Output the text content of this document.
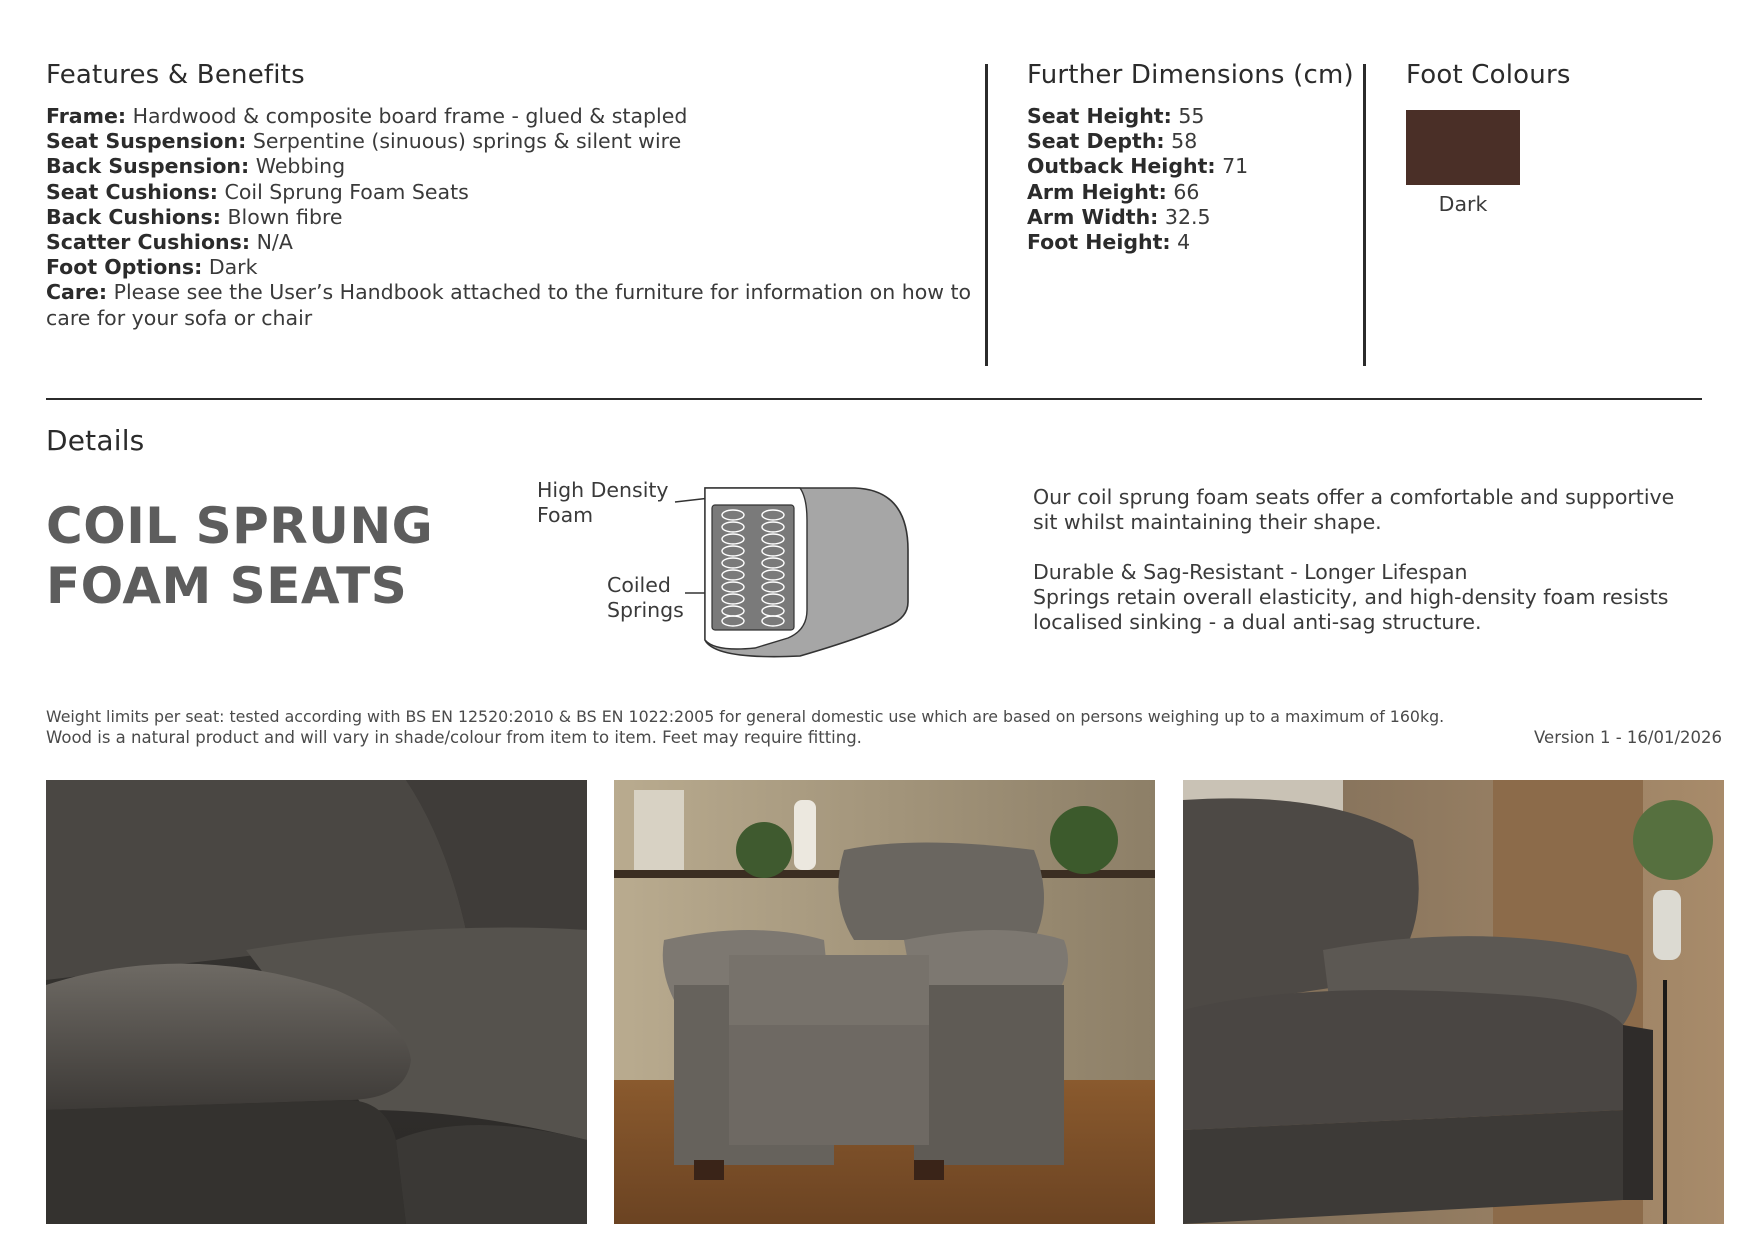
Features & Benefits
Frame: Hardwood & composite board frame - glued & stapled
Seat Suspension: Serpentine (sinuous) springs & silent wire
Back Suspension: Webbing
Seat Cushions: Coil Sprung Foam Seats
Back Cushions: Blown fibre
Scatter Cushions: N/A
Foot Options: Dark
Care: Please see the User’s Handbook attached to the furniture for information on how to
care for your sofa or chair
Further Dimensions (cm)
Seat Height: 55
Seat Depth: 58
Outback Height: 71
Arm Height: 66
Arm Width: 32.5
Foot Height: 4
Foot Colours
Dark
Details
COIL SPRUNG
FOAM SEATS
High Density
Foam
Coiled
Springs
Our coil sprung foam seats offer a comfortable and supportive
sit whilst maintaining their shape.
Durable & Sag-Resistant - Longer Lifespan
Springs retain overall elasticity, and high-density foam resists
localised sinking - a dual anti-sag structure.
Weight limits per seat: tested according with BS EN 12520:2010 & BS EN 1022:2005 for general domestic use which are based on persons weighing up to a maximum of 160kg.
Wood is a natural product and will vary in shade/colour from item to item. Feet may require fitting.	Version 1 - 16/01/2026
